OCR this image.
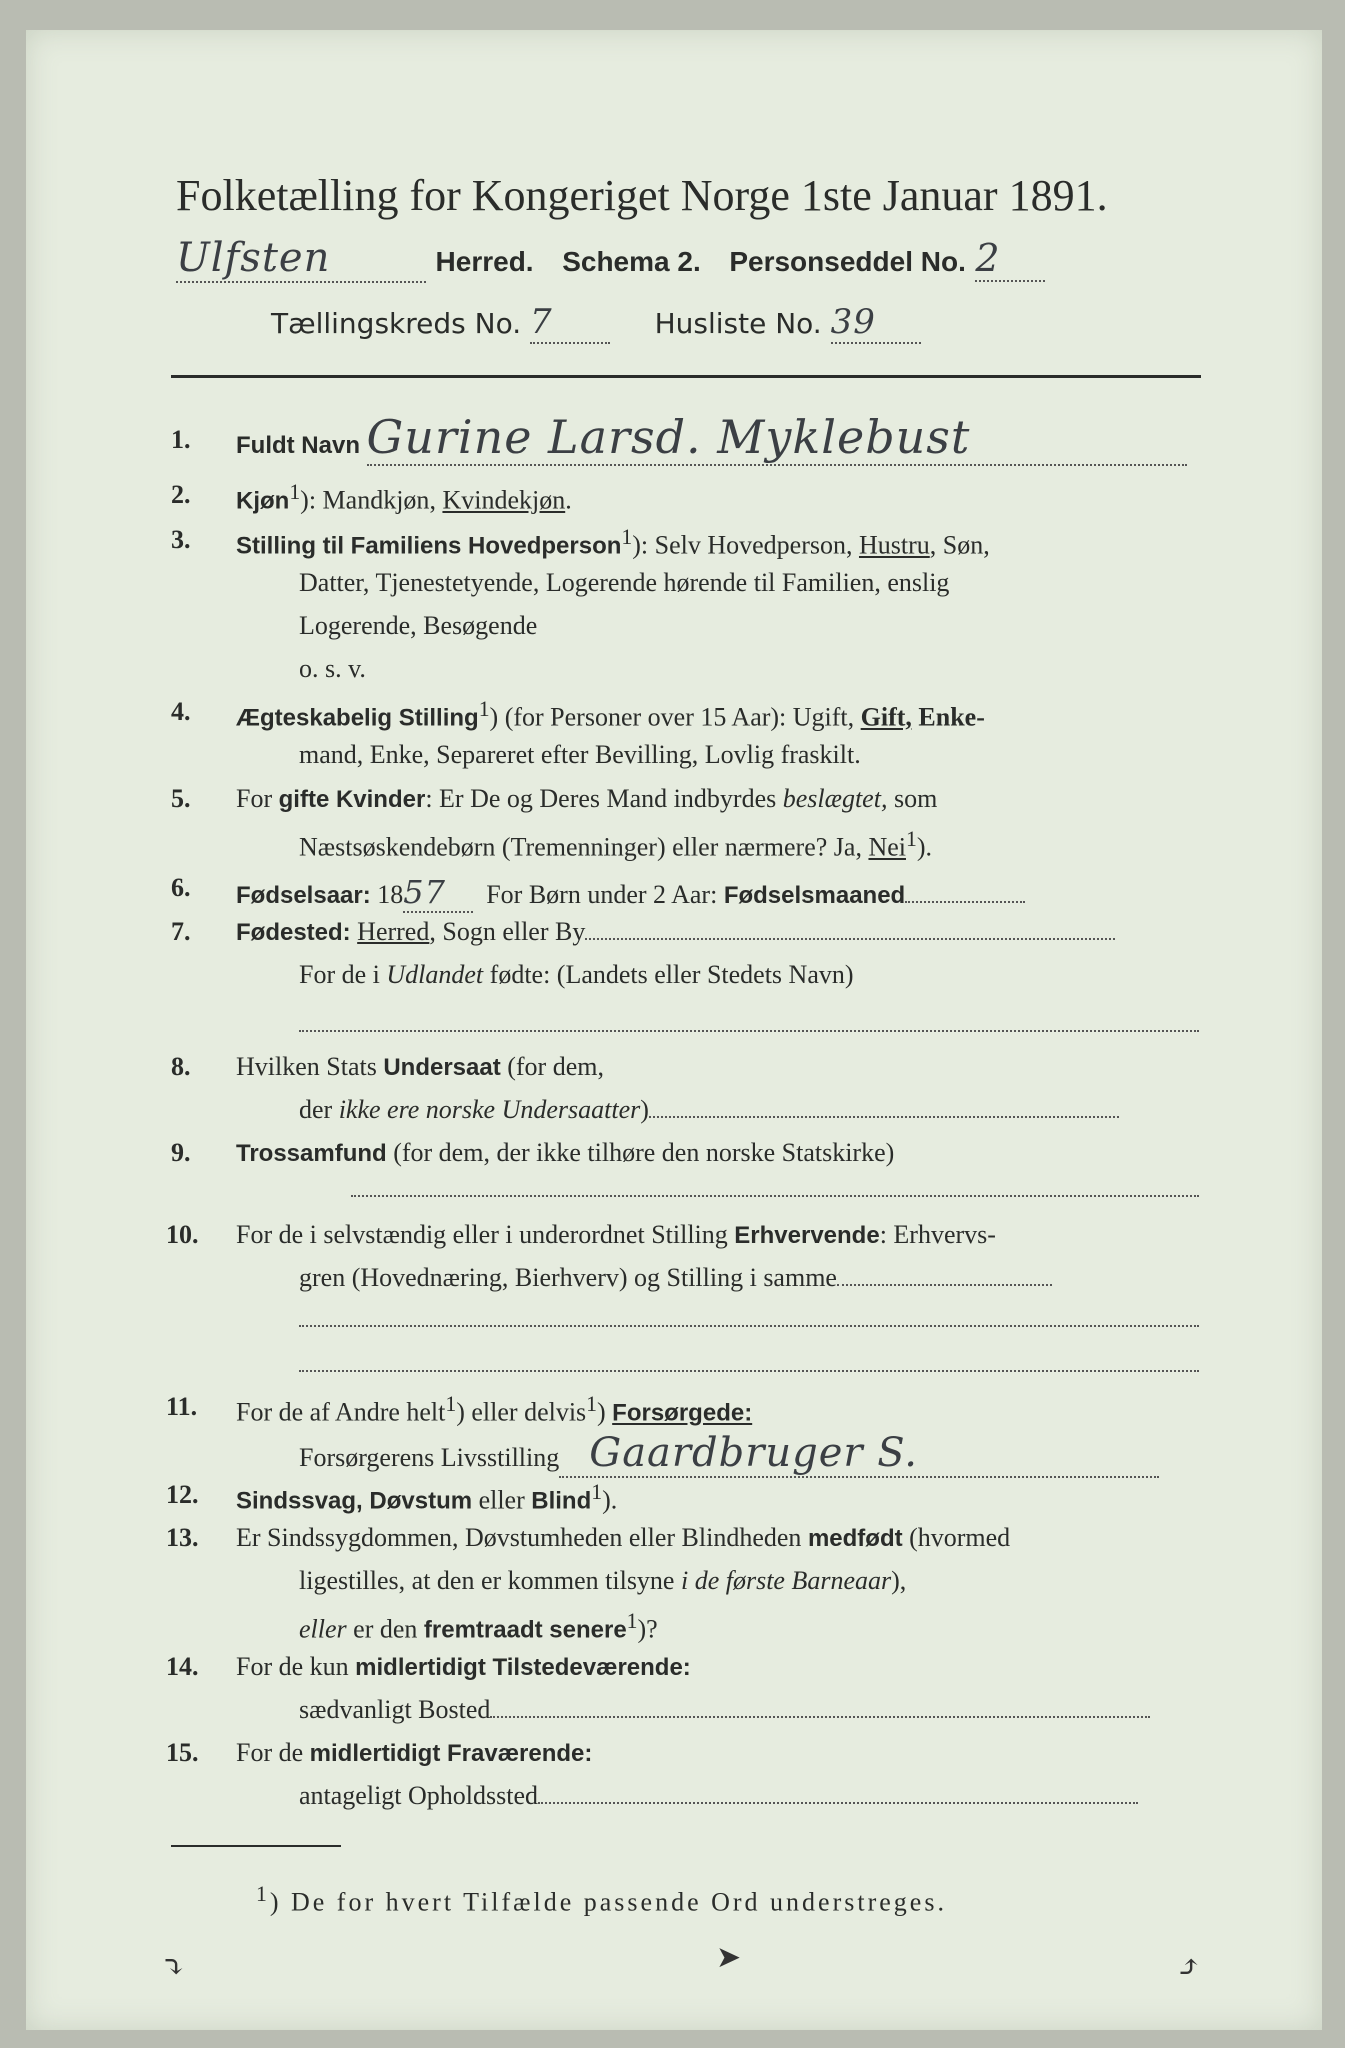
Folketælling for Kongeriget Norge 1ste Januar 1891.
Ulfsten	Herred. Schema 2. Personseddel No. 2
Tællingskreds No. 7	Husliste No. 39
1. Fuldt Navn Gurine Larsd. Myklebust
2. Kjøn$^1$): Mandkjøn, Kvindekjøn.
3. Stilling til Familiens Hovedperson$^1$): Selv Hovedperson, Hustru, Søn,
Datter, Tjenestetyende, Logerende hørende til Familien, enslig
Logerende, Besøgende
o. s. v.
4. Ægteskabelig Stilling$^1$) (for Personer over 15 Aar): Ugift, Gift, Enke-
mand, Enke, Separeret efter Bevilling, Lovlig fraskilt.
5. For gifte Kvinder: Er De og Deres Mand indbyrdes beslægtet, som
Næstsøskendebørn (Tremenninger) eller nærmere? Ja, Nei$^1$).
6. Fødselsaar: 1857 For Børn under 2 Aar: Fødselsmaaned
7. Fødested: Herred, Sogn eller By
For de i Udlandet fødte: (Landets eller Stedets Navn)
8. Hvilken Stats Undersaat (for dem,
der ikke ere norske Undersaatter)
9. Trossamfund (for dem, der ikke tilhøre den norske Statskirke)
10. For de i selvstændig eller i underordnet Stilling Erhvervende: Erhvervs-
gren (Hovednæring, Bierhverv) og Stilling i samme
11. For de af Andre helt$^1$) eller delvis$^1$) Forsørgede:
Forsørgerens Livsstilling Gaardbruger S.
12. Sindssvag, Døvstum eller Blind$^1$).
13. Er Sindssygdommen, Døvstumheden eller Blindheden medfødt (hvormed
ligestilles, at den er kommen tilsyne i de første Barneaar),
eller er den fremtraadt senere$^1$)?
14. For de kun midlertidigt Tilstedeværende:
sædvanligt Bosted
15. For de midlertidigt Fraværende:
antageligt Opholdssted
$^1$) De for hvert Tilfælde passende Ord understreges.
⤵	➤	⤴
